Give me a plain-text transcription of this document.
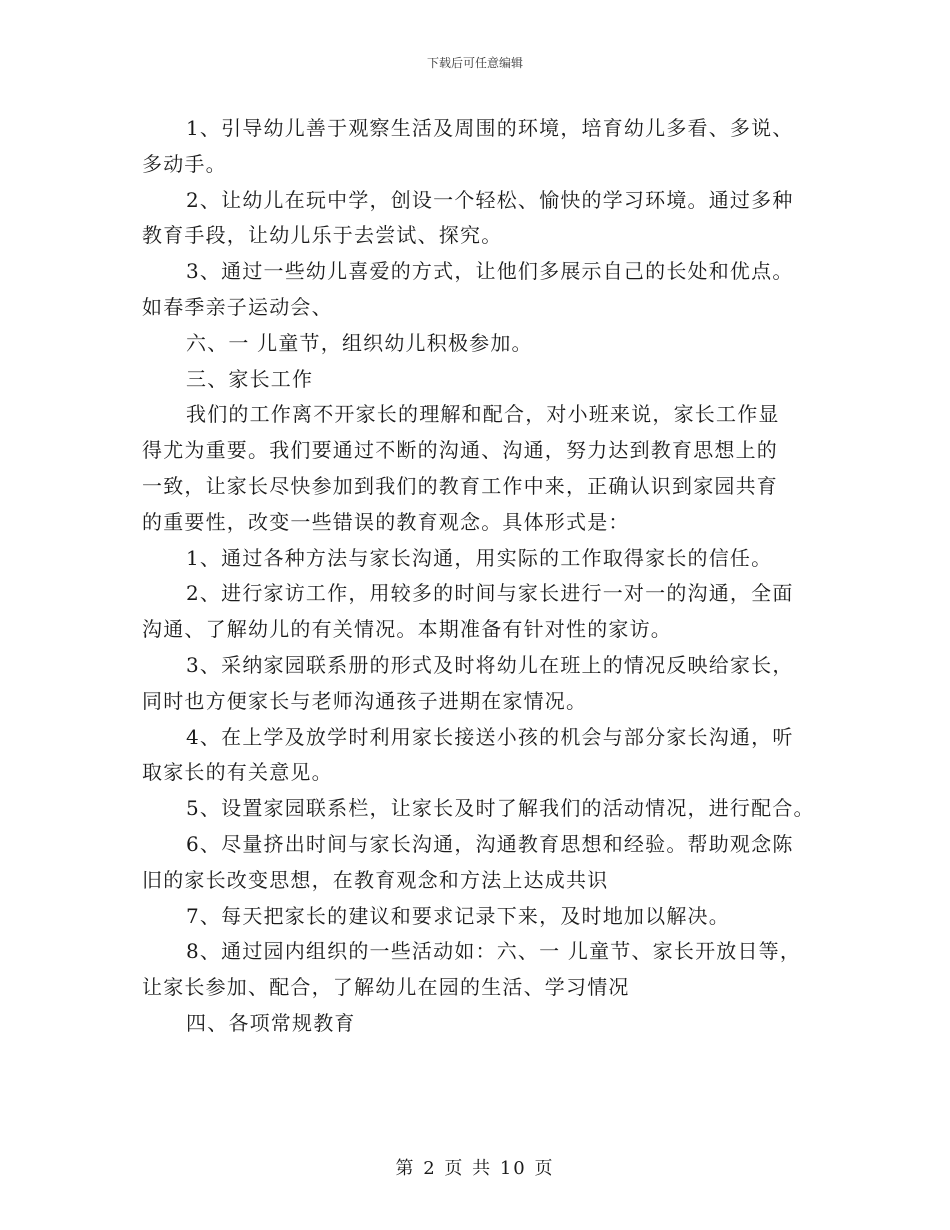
下载后可任意编辑
1、引导幼儿善于观察生活及周围的环境，培育幼儿多看、多说、
多动手。
2、让幼儿在玩中学，创设一个轻松、愉快的学习环境。通过多种
教育手段，让幼儿乐于去尝试、探究。
3、通过一些幼儿喜爱的方式，让他们多展示自己的长处和优点。
如春季亲子运动会、
六、一 儿童节，组织幼儿积极参加。
三、家长工作
我们的工作离不开家长的理解和配合，对小班来说，家长工作显
得尤为重要。我们要通过不断的沟通、沟通，努力达到教育思想上的
一致，让家长尽快参加到我们的教育工作中来，正确认识到家园共育
的重要性，改变一些错误的教育观念。具体形式是：
1、通过各种方法与家长沟通，用实际的工作取得家长的信任。
2、进行家访工作，用较多的时间与家长进行一对一的沟通，全面
沟通、了解幼儿的有关情况。本期准备有针对性的家访。
3、采纳家园联系册的形式及时将幼儿在班上的情况反映给家长，
同时也方便家长与老师沟通孩子进期在家情况。
4、在上学及放学时利用家长接送小孩的机会与部分家长沟通，听
取家长的有关意见。
5、设置家园联系栏，让家长及时了解我们的活动情况，进行配合。
6、尽量挤出时间与家长沟通，沟通教育思想和经验。帮助观念陈
旧的家长改变思想，在教育观念和方法上达成共识
7、每天把家长的建议和要求记录下来，及时地加以解决。
8、通过园内组织的一些活动如：六、一 儿童节、家长开放日等，
让家长参加、配合，了解幼儿在园的生活、学习情况
四、各项常规教育
第 2 页 共 10 页
